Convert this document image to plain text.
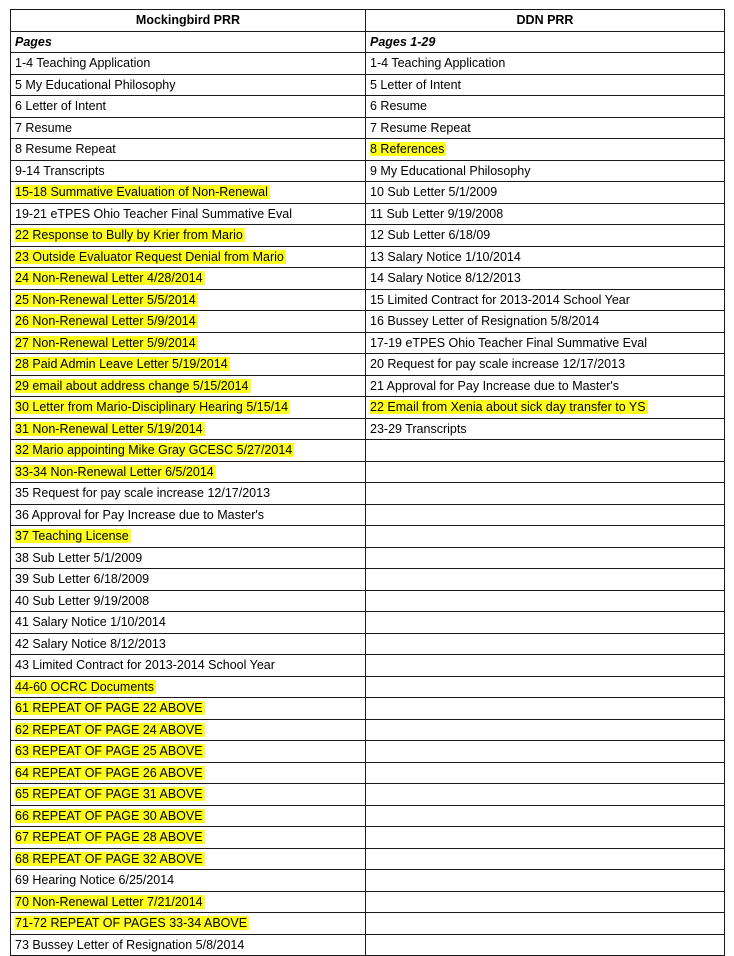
Mockingbird PRR	DDN PRR
Pages	Pages 1-29
1-4 Teaching Application	1-4 Teaching Application
5 My Educational Philosophy	5 Letter of Intent
6 Letter of Intent	6 Resume
7 Resume	7 Resume Repeat
8 Resume Repeat	8 References
9-14 Transcripts	9 My Educational Philosophy
15-18 Summative Evaluation of Non-Renewal	10 Sub Letter 5/1/2009
19-21 eTPES Ohio Teacher Final Summative Eval	11 Sub Letter 9/19/2008
22 Response to Bully by Krier from Mario	12 Sub Letter 6/18/09
23 Outside Evaluator Request Denial from Mario	13 Salary Notice 1/10/2014
24 Non-Renewal Letter 4/28/2014	14 Salary Notice 8/12/2013
25 Non-Renewal Letter 5/5/2014	15 Limited Contract for 2013-2014 School Year
26 Non-Renewal Letter 5/9/2014	16 Bussey Letter of Resignation 5/8/2014
27 Non-Renewal Letter 5/9/2014	17-19 eTPES Ohio Teacher Final Summative Eval
28 Paid Admin Leave Letter 5/19/2014	20 Request for pay scale increase 12/17/2013
29 email about address change 5/15/2014	21 Approval for Pay Increase due to Master's
30 Letter from Mario-Disciplinary Hearing 5/15/14	22 Email from Xenia about sick day transfer to YS
31 Non-Renewal Letter 5/19/2014	23-29 Transcripts
32 Mario appointing Mike Gray GCESC 5/27/2014	
33-34 Non-Renewal Letter 6/5/2014	
35 Request for pay scale increase 12/17/2013	
36 Approval for Pay Increase due to Master's	
37 Teaching License	
38 Sub Letter 5/1/2009	
39 Sub Letter 6/18/2009	
40 Sub Letter 9/19/2008	
41 Salary Notice 1/10/2014	
42 Salary Notice 8/12/2013	
43 Limited Contract for 2013-2014 School Year	
44-60 OCRC Documents	
61 REPEAT OF PAGE 22 ABOVE	
62 REPEAT OF PAGE 24 ABOVE	
63 REPEAT OF PAGE 25 ABOVE	
64 REPEAT OF PAGE 26 ABOVE	
65 REPEAT OF PAGE 31 ABOVE	
66 REPEAT OF PAGE 30 ABOVE	
67 REPEAT OF PAGE 28 ABOVE	
68 REPEAT OF PAGE 32 ABOVE	
69 Hearing Notice 6/25/2014	
70 Non-Renewal Letter 7/21/2014	
71-72 REPEAT OF PAGES 33-34 ABOVE	
73 Bussey Letter of Resignation 5/8/2014	
